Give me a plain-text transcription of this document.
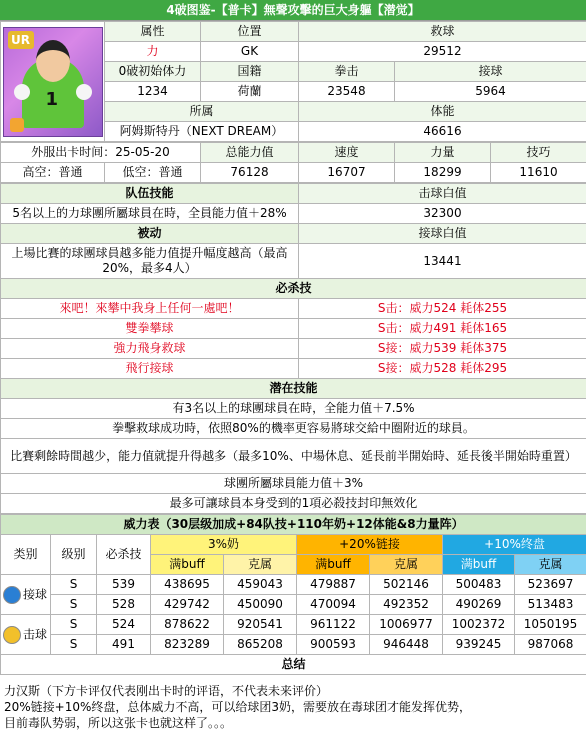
4破图鉴-【普卡】無聲攻擊的巨大身軀【潜觉】
UR
1	属性	位置	救球	
	力	GK	29512	
	0破初始体力	国籍	拳击	接球
	1234	荷蘭	23548	5964
	所属		体能	
	阿姆斯特丹（NEXT DREAM）		46616	
外服出卡时间：25-05-20		总能力值	速度	力量	技巧
高空：普通	低空：普通	76128	16707	18299	11610
队伍技能	击球白值
5名以上的力球團所屬球員在時，全員能力值＋28%	32300
被动	接球白值
上場比賽的球團球員越多能力值提升幅度越高（最高20%，最多4人）	13441
必杀技	
來吧！來攀中我身上任何一處吧！	S击：威力524 耗体255
雙拳攀球	S击：威力491 耗体165
強力飛身救球	S接：威力539 耗体375
飛行接球	S接：威力528 耗体295
潜在技能	
有3名以上的球團球員在時，全能力值＋7.5%	
拳擊救球成功時，依照80%的機率更容易將球交給中圈附近的球員。	
比賽剩餘時間越少，能力值就提升得越多（最多10%、中場休息、延長前半開始時、延長後半開始時重置）	
球團所屬球員能力值＋3%	
最多可讓球員本身受到的1項必殺技封印無效化	
威力表（30层级加成+84队技+110年奶+12体能&8力量阵）								
类别	级别	必杀技	3%奶		+20%链接		+10%终盘	
			满buff	克属	满buff	克属	满buff	克属
接球	S	539	438695	459043	479887	502146	500483	523697
	S	528	429742	450090	470094	492352	490269	513483
击球	S	524	878622	920541	961122	1006977	1002372	1050195
	S	491	823289	865208	900593	946448	939245	987068
总结								
力汉斯（下方卡评仅代表刚出卡时的评语，不代表未来评价）
20%链接+10%终盘，总体威力不高，可以给球团3奶，需要放在毒球团才能发挥优势，
目前毒队势弱，所以这张卡也就这样了。。。
